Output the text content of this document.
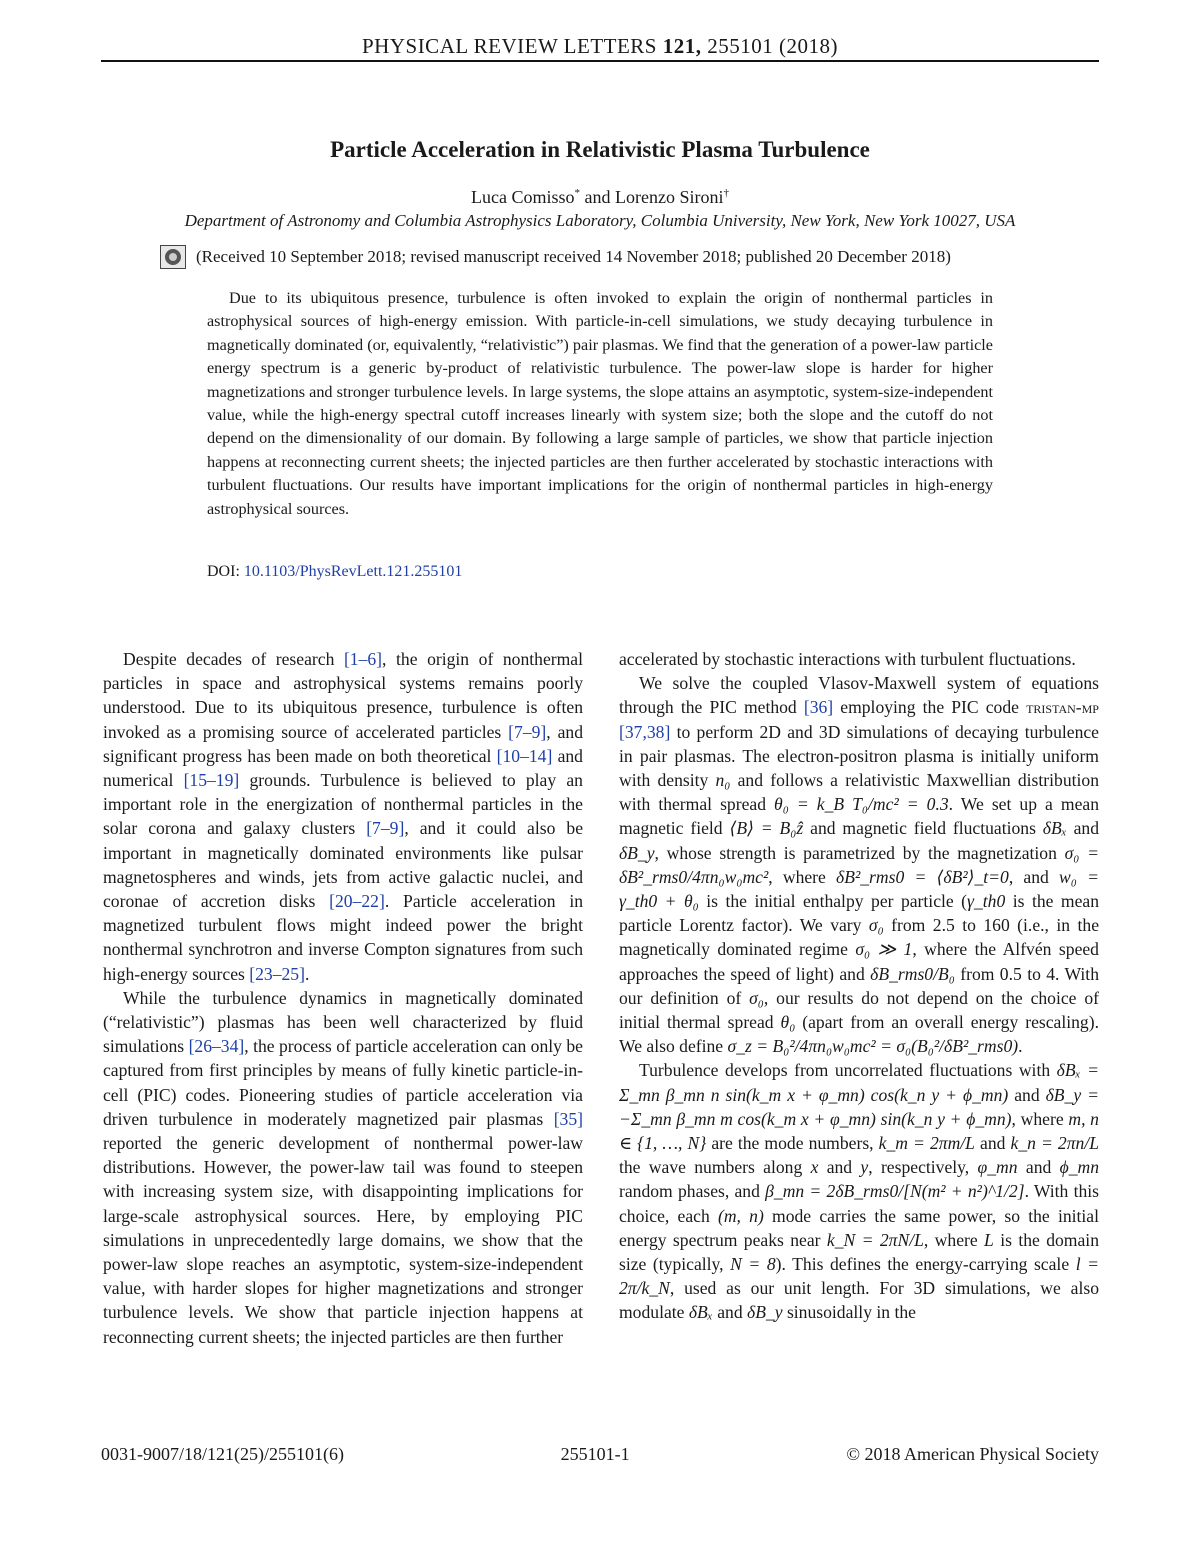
PHYSICAL REVIEW LETTERS 121, 255101 (2018)
Particle Acceleration in Relativistic Plasma Turbulence
Luca Comisso* and Lorenzo Sironi†
Department of Astronomy and Columbia Astrophysics Laboratory, Columbia University, New York, New York 10027, USA
(Received 10 September 2018; revised manuscript received 14 November 2018; published 20 December 2018)
Due to its ubiquitous presence, turbulence is often invoked to explain the origin of nonthermal particles in astrophysical sources of high-energy emission. With particle-in-cell simulations, we study decaying turbulence in magnetically dominated (or, equivalently, “relativistic”) pair plasmas. We find that the generation of a power-law particle energy spectrum is a generic by-product of relativistic turbulence. The power-law slope is harder for higher magnetizations and stronger turbulence levels. In large systems, the slope attains an asymptotic, system-size-independent value, while the high-energy spectral cutoff increases linearly with system size; both the slope and the cutoff do not depend on the dimensionality of our domain. By following a large sample of particles, we show that particle injection happens at reconnecting current sheets; the injected particles are then further accelerated by stochastic interactions with turbulent fluctuations. Our results have important implications for the origin of nonthermal particles in high-energy astrophysical sources.
DOI: 10.1103/PhysRevLett.121.255101

Despite decades of research [1–6], the origin of nonthermal particles in space and astrophysical systems remains poorly understood. Due to its ubiquitous presence, turbulence is often invoked as a promising source of accelerated particles [7–9], and significant progress has been made on both theoretical [10–14] and numerical [15–19] grounds. Turbulence is believed to play an important role in the energization of nonthermal particles in the solar corona and galaxy clusters [7–9], and it could also be important in magnetically dominated environments like pulsar magnetospheres and winds, jets from active galactic nuclei, and coronae of accretion disks [20–22]. Particle acceleration in magnetized turbulent flows might indeed power the bright nonthermal synchrotron and inverse Compton signatures from such high-energy sources [23–25].

While the turbulence dynamics in magnetically dominated (“relativistic”) plasmas has been well characterized by fluid simulations [26–34], the process of particle acceleration can only be captured from first principles by means of fully kinetic particle-in-cell (PIC) codes. Pioneering studies of particle acceleration via driven turbulence in moderately magnetized pair plasmas [35] reported the generic development of nonthermal power-law distributions. However, the power-law tail was found to steepen with increasing system size, with disappointing implications for large-scale astrophysical sources. Here, by employing PIC simulations in unprecedentedly large domains, we show that the power-law slope reaches an asymptotic, system-size-independent value, with harder slopes for higher magnetizations and stronger turbulence levels. We show that particle injection happens at reconnecting current sheets; the injected particles are then further

accelerated by stochastic interactions with turbulent fluctuations.

We solve the coupled Vlasov-Maxwell system of equations through the PIC method [36] employing the PIC code tristan-mp [37,38] to perform 2D and 3D simulations of decaying turbulence in pair plasmas. The electron-positron plasma is initially uniform with density n₀ and follows a relativistic Maxwellian distribution with thermal spread θ₀ = k_B T₀/mc² = 0.3. We set up a mean magnetic field ⟨B⟩ = B₀ẑ and magnetic field fluctuations δBₓ and δB_y, whose strength is parametrized by the magnetization σ₀ = δB²_rms0/4πn₀w₀mc², where δB²_rms0 = ⟨δB²⟩_t=0, and w₀ = γ_th0 + θ₀ is the initial enthalpy per particle (γ_th0 is the mean particle Lorentz factor). We vary σ₀ from 2.5 to 160 (i.e., in the magnetically dominated regime σ₀ ≫ 1, where the Alfvén speed approaches the speed of light) and δB_rms0/B₀ from 0.5 to 4. With our definition of σ₀, our results do not depend on the choice of initial thermal spread θ₀ (apart from an overall energy rescaling). We also define σ_z = B₀²/4πn₀w₀mc² = σ₀(B₀²/δB²_rms0).

Turbulence develops from uncorrelated fluctuations with δBₓ = Σ_mn β_mn n sin(k_m x + φ_mn) cos(k_n y + ϕ_mn) and δB_y = −Σ_mn β_mn m cos(k_m x + φ_mn) sin(k_n y + ϕ_mn), where m, n ∈ {1, …, N} are the mode numbers, k_m = 2πm/L and k_n = 2πn/L the wave numbers along x and y, respectively, φ_mn and ϕ_mn random phases, and β_mn = 2δB_rms0/[N(m² + n²)^1/2]. With this choice, each (m, n) mode carries the same power, so the initial energy spectrum peaks near k_N = 2πN/L, where L is the domain size (typically, N = 8). This defines the energy-carrying scale l = 2π/k_N, used as our unit length. For 3D simulations, we also modulate δBₓ and δB_y sinusoidally in the

0031-9007/18/121(25)/255101(6)	255101-1	© 2018 American Physical Society
